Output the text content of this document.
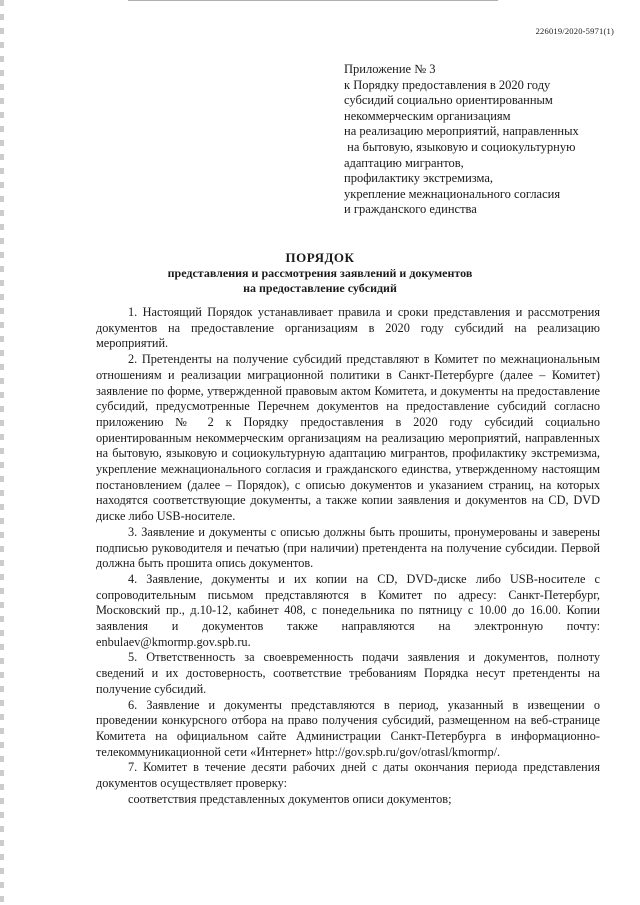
226019/2020-5971(1)
Приложение № 3
к Порядку предоставления в 2020 году
субсидий социально ориентированным
некоммерческим организациям
на реализацию мероприятий, направленных
на бытовую, языковую и социокультурную
адаптацию мигрантов,
профилактику экстремизма,
укрепление межнационального согласия
и гражданского единства
ПОРЯДОК
представления и рассмотрения заявлений и документов
на предоставление субсидий

1. Настоящий Порядок устанавливает правила и сроки представления и рассмотрения документов на предоставление организациям в 2020 году субсидий на реализацию мероприятий.

2. Претенденты на получение субсидий представляют в Комитет по межнациональным отношениям и реализации миграционной политики в Санкт-Петербурге (далее – Комитет) заявление по форме, утвержденной правовым актом Комитета, и документы на предоставление субсидий, предусмотренные Перечнем документов на предоставление субсидий согласно приложению № 2 к Порядку предоставления в 2020 году субсидий социально ориентированным некоммерческим организациям на реализацию мероприятий, направленных на бытовую, языковую и социокультурную адаптацию мигрантов, профилактику экстремизма, укрепление межнационального согласия и гражданского единства, утвержденному настоящим постановлением (далее – Порядок), с описью документов и указанием страниц, на которых находятся соответствующие документы, а также копии заявления и документов на CD, DVD диске либо USB-носителе.

3. Заявление и документы с описью должны быть прошиты, пронумерованы и заверены подписью руководителя и печатью (при наличии) претендента на получение субсидии. Первой должна быть прошита опись документов.

4. Заявление, документы и их копии на CD, DVD-диске либо USB-носителе с сопроводительным письмом представляются в Комитет по адресу: Санкт-Петербург, Московский пр., д.10-12, кабинет 408, с понедельника по пятницу с 10.00 до 16.00. Копии заявления и документов также направляются на электронную почту: enbulaev@kmormp.gov.spb.ru.

5. Ответственность за своевременность подачи заявления и документов, полноту сведений и их достоверность, соответствие требованиям Порядка несут претенденты на получение субсидий.

6. Заявление и документы представляются в период, указанный в извещении о проведении конкурсного отбора на право получения субсидий, размещенном на веб-странице Комитета на официальном сайте Администрации Санкт-Петербурга в информационно-телекоммуникационной сети «Интернет» http://gov.spb.ru/gov/otrasl/kmormp/.

7. Комитет в течение десяти рабочих дней с даты окончания периода представления документов осуществляет проверку:

соответствия представленных документов описи документов;
